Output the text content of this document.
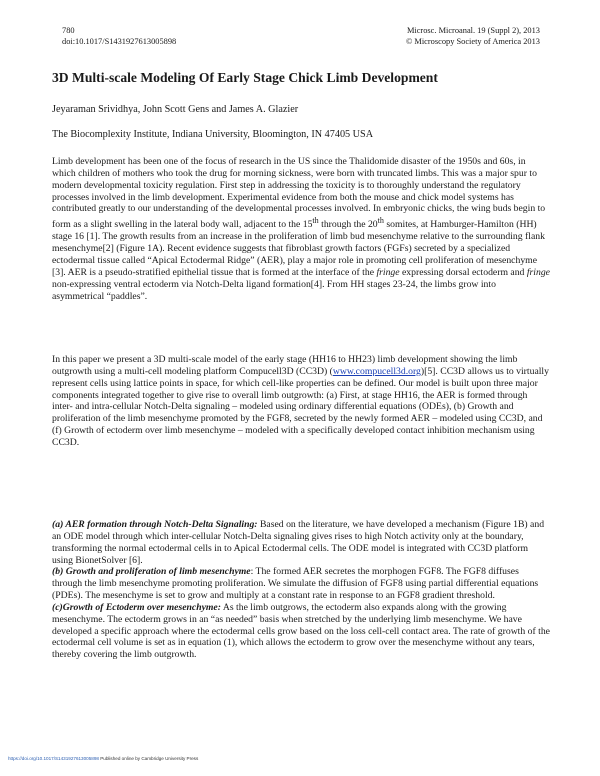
780
doi:10.1017/S1431927613005898
Microsc. Microanal. 19 (Suppl 2), 2013
© Microscopy Society of America 2013
3D Multi-scale Modeling Of Early Stage Chick Limb Development
Jeyaraman Srividhya, John Scott Gens and James A. Glazier
The Biocomplexity Institute, Indiana University, Bloomington, IN 47405 USA

Limb development has been one of the focus of research in the US since the Thalidomide disaster of the 1950s and 60s, in which children of mothers who took the drug for morning sickness, were born with truncated limbs. This was a major spur to modern developmental toxicity regulation. First step in addressing the toxicity is to thoroughly understand the regulatory processes involved in the limb development. Experimental evidence from both the mouse and chick model systems has contributed greatly to our understanding of the developmental processes involved. In embryonic chicks, the wing buds begin to form as a slight swelling in the lateral body wall, adjacent to the 15th through the 20th somites, at Hamburger-Hamilton (HH) stage 16 [1]. The growth results from an increase in the proliferation of limb bud mesenchyme relative to the surrounding flank mesenchyme[2] (Figure 1A). Recent evidence suggests that fibroblast growth factors (FGFs) secreted by a specialized ectodermal tissue called “Apical Ectodermal Ridge” (AER), play a major role in promoting cell proliferation of mesenchyme [3]. AER is a pseudo-stratified epithelial tissue that is formed at the interface of the fringe expressing dorsal ectoderm and fringe non-expressing ventral ectoderm via Notch-Delta ligand formation[4]. From HH stages 23-24, the limbs grow into asymmetrical “paddles”.

In this paper we present a 3D multi-scale model of the early stage (HH16 to HH23) limb development showing the limb outgrowth using a multi-cell modeling platform Compucell3D (CC3D) (www.compucell3d.org)[5]. CC3D allows us to virtually represent cells using lattice points in space, for which cell-like properties can be defined. Our model is built upon three major components integrated together to give rise to overall limb outgrowth: (a) First, at stage HH16, the AER is formed through inter- and intra-cellular Notch-Delta signaling – modeled using ordinary differential equations (ODEs), (b) Growth and proliferation of the limb mesenchyme promoted by the FGF8, secreted by the newly formed AER – modeled using CC3D, and (f) Growth of ectoderm over limb mesenchyme – modeled with a specifically developed contact inhibition mechanism using CC3D.

(a) AER formation through Notch-Delta Signaling: Based on the literature, we have developed a mechanism (Figure 1B) and an ODE model through which inter-cellular Notch-Delta signaling gives rises to high Notch activity only at the boundary, transforming the normal ectodermal cells in to Apical Ectodermal cells. The ODE model is integrated with CC3D platform using BionetSolver [6].
(b) Growth and proliferation of limb mesenchyme: The formed AER secretes the morphogen FGF8. The FGF8 diffuses through the limb mesenchyme promoting proliferation. We simulate the diffusion of FGF8 using partial differential equations (PDEs). The mesenchyme is set to grow and multiply at a constant rate in response to an FGF8 gradient threshold.
(c)Growth of Ectoderm over mesenchyme: As the limb outgrows, the ectoderm also expands along with the growing mesenchyme. The ectoderm grows in an “as needed” basis when stretched by the underlying limb mesenchyme. We have developed a specific approach where the ectodermal cells grow based on the loss cell-cell contact area. The rate of growth of the ectodermal cell volume is set as in equation (1), which allows the ectoderm to grow over the mesenchyme without any tears, thereby covering the limb outgrowth.

https://doi.org/10.1017/S1431927613005898 Published online by Cambridge University Press
